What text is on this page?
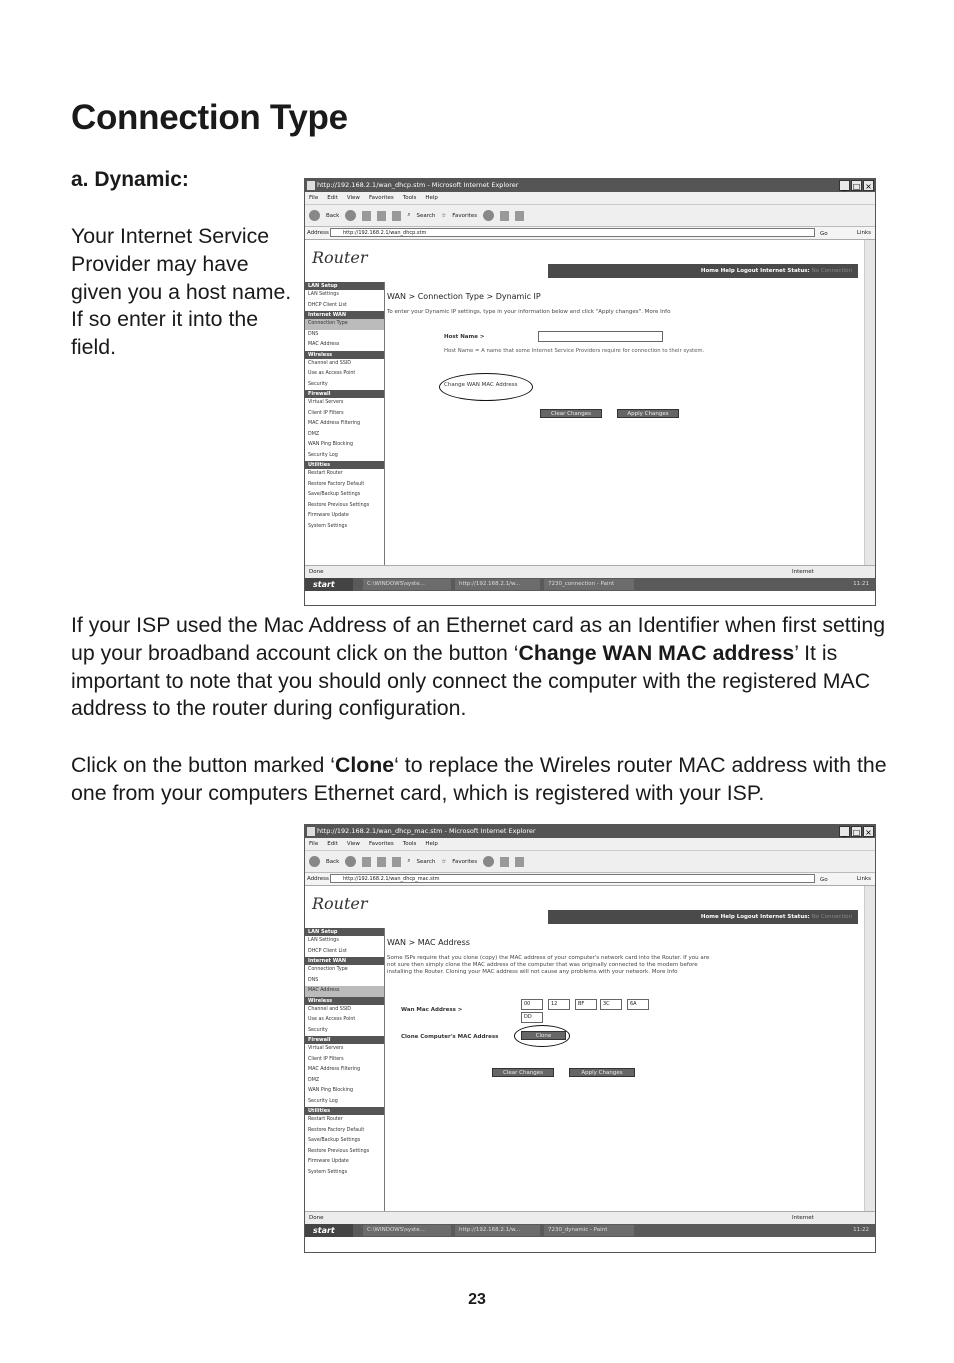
Connection Type

a. Dynamic:

Your Internet Service Provider may have given you a host name. If so enter it into the field.

If your ISP used the Mac Address of an Ethernet card as an Identifier when first setting up your broadband account click on the button ‘Change WAN MAC address’ It is important to note that you should only connect the computer with the registered MAC address to the router during configuration.

Click on the button marked ‘Clone‘ to replace the Wireles router MAC address with the one from your computers Ethernet card, which is registered with your ISP.

http://192.168.2.1/wan_dhcp.stm - Microsoft Internet Explorer	_ □ ×
File Edit View Favorites Tools Help
Back	⌕ Search ☆ Favorites
Address	http://192.168.2.1/wan_dhcp.stm	Go	Links
Router
Home Help Logout Internet Status: No Connection
LAN Setup
LAN Settings
DHCP Client List
Internet WAN
Connection Type
DNS
MAC Address
Wireless
Channel and SSID
Use as Access Point
Security
Firewall
Virtual Servers
Client IP Filters
MAC Address Filtering
DMZ
WAN Ping Blocking
Security Log
Utilities
Restart Router
Restore Factory Default
Save/Backup Settings
Restore Previous Settings
Firmware Update
System Settings
WAN > Connection Type > Dynamic IP
To enter your Dynamic IP settings, type in your information below and click "Apply changes". More Info
Host Name >
Host Name = A name that some Internet Service Providers require for connection to their system.
Change WAN MAC Address
Clear Changes	Apply Changes
Done	Internet
start	C:\WINDOWS\syste...	http://192.168.2.1/w...	7230_connection - Paint	11:21
http://192.168.2.1/wan_dhcp_mac.stm - Microsoft Internet Explorer	_ □ ×
File Edit View Favorites Tools Help
Back	⌕ Search ☆ Favorites
Address	http://192.168.2.1/wan_dhcp_mac.stm	Go	Links
Router
Home Help Logout Internet Status: No Connection
LAN Setup
LAN Settings
DHCP Client List
Internet WAN
Connection Type
DNS
MAC Address
Wireless
Channel and SSID
Use as Access Point
Security
Firewall
Virtual Servers
Client IP Filters
MAC Address Filtering
DMZ
WAN Ping Blocking
Security Log
Utilities
Restart Router
Restore Factory Default
Save/Backup Settings
Restore Previous Settings
Firmware Update
System Settings
WAN > MAC Address
Some ISPs require that you clone (copy) the MAC address of your computer's network card into the Router. If you are not sure then simply clone the MAC address of the computer that was originally connected to the modem before installing the Router. Cloning your MAC address will not cause any problems with your network. More Info
Wan Mac Address >
00	12	BF	3C	6A
DD
Clone Computer's MAC Address	Clone
Clear Changes	Apply Changes
Done	Internet
start	C:\WINDOWS\syste...	http://192.168.2.1/w...	7230_dynamic - Paint	11:22
23
